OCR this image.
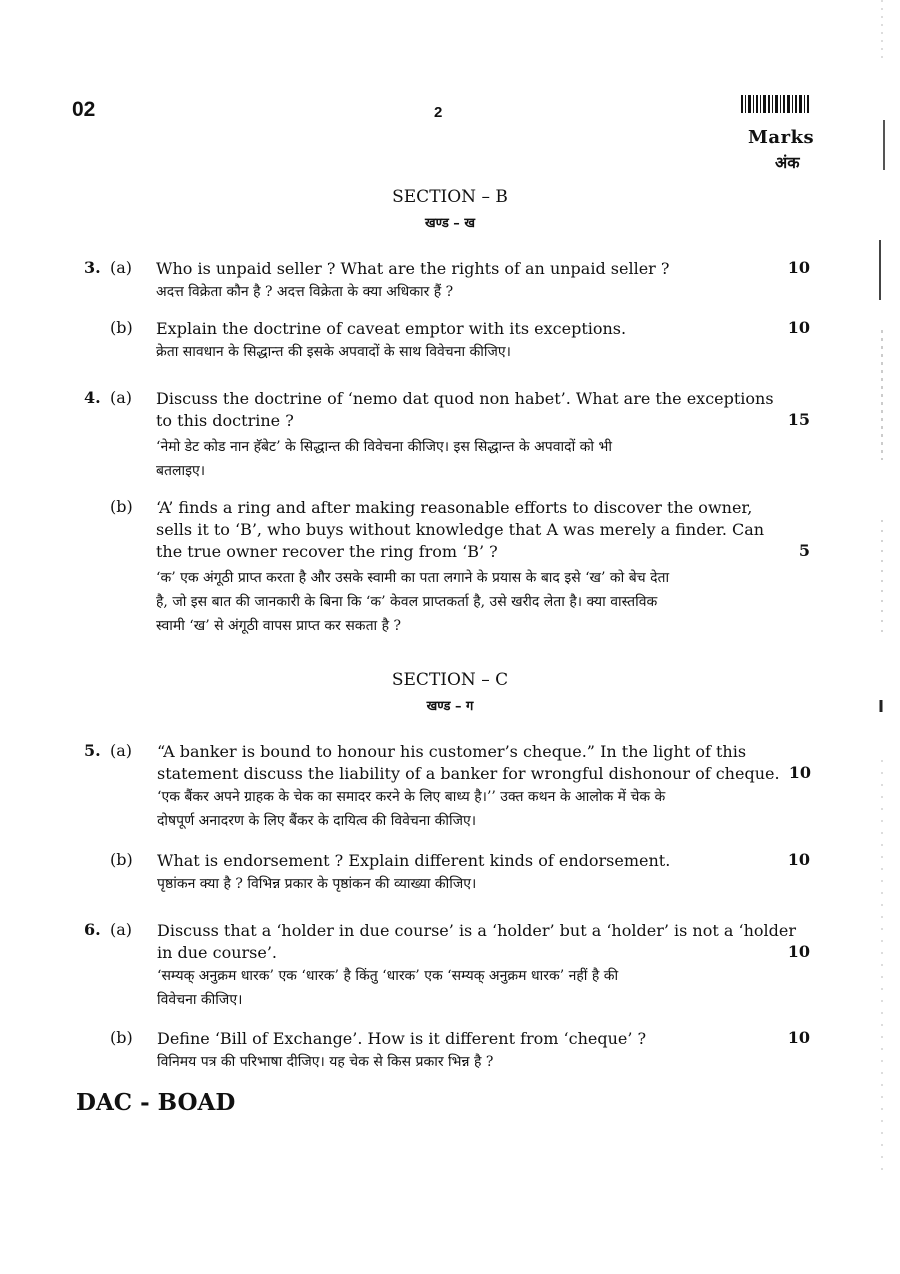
02	2
Marks
अंक
SECTION – B
खण्ड – ख
3. (a) Who is unpaid seller ? What are the rights of an unpaid seller ?
अदत्त विक्रेता कौन है ? अदत्त विक्रेता के क्या अधिकार हैं ?
10
(b) Explain the doctrine of caveat emptor with its exceptions.
क्रेता सावधान के सिद्धान्त की इसके अपवादों के साथ विवेचना कीजिए।
10
4. (a) Discuss the doctrine of ‘nemo dat quod non habet’. What are the exceptions
to this doctrine ?
‘नेमो डेट कोड नान हॅबेट’ के सिद्धान्त की विवेचना कीजिए। इस सिद्धान्त के अपवादों को भी
बतलाइए।
15
(b) ‘A’ finds a ring and after making reasonable efforts to discover the owner,
sells it to ‘B’, who buys without knowledge that A was merely a finder. Can
the true owner recover the ring from ‘B’ ?
‘क’ एक अंगूठी प्राप्त करता है और उसके स्वामी का पता लगाने के प्रयास के बाद इसे ‘ख’ को बेच देता
है, जो इस बात की जानकारी के बिना कि ‘क’ केवल प्राप्तकर्ता है, उसे खरीद लेता है। क्या वास्तविक
स्वामी ‘ख’ से अंगूठी वापस प्राप्त कर सकता है ?
5
SECTION – C
खण्ड – ग
5. (a) “A banker is bound to honour his customer’s cheque.” In the light of this
statement discuss the liability of a banker for wrongful dishonour of cheque.
‘एक बैंकर अपने ग्राहक के चेक का समादर करने के लिए बाध्य है।’’ उक्त कथन के आलोक में चेक के
दोषपूर्ण अनादरण के लिए बैंकर के दायित्व की विवेचना कीजिए।
10
(b) What is endorsement ? Explain different kinds of endorsement.
पृष्ठांकन क्या है ? विभिन्न प्रकार के पृष्ठांकन की व्याख्या कीजिए।
10
6. (a) Discuss that a ‘holder in due course’ is a ‘holder’ but a ‘holder’ is not a ‘holder
in due course’.
‘सम्यक् अनुक्रम धारक’ एक ‘धारक’ है किंतु ‘धारक’ एक ‘सम्यक् अनुक्रम धारक’ नहीं है की
विवेचना कीजिए।
10
(b) Define ‘Bill of Exchange’. How is it different from ‘cheque’ ?
विनिमय पत्र की परिभाषा दीजिए। यह चेक से किस प्रकार भिन्न है ?
10
DAC - BOAD
